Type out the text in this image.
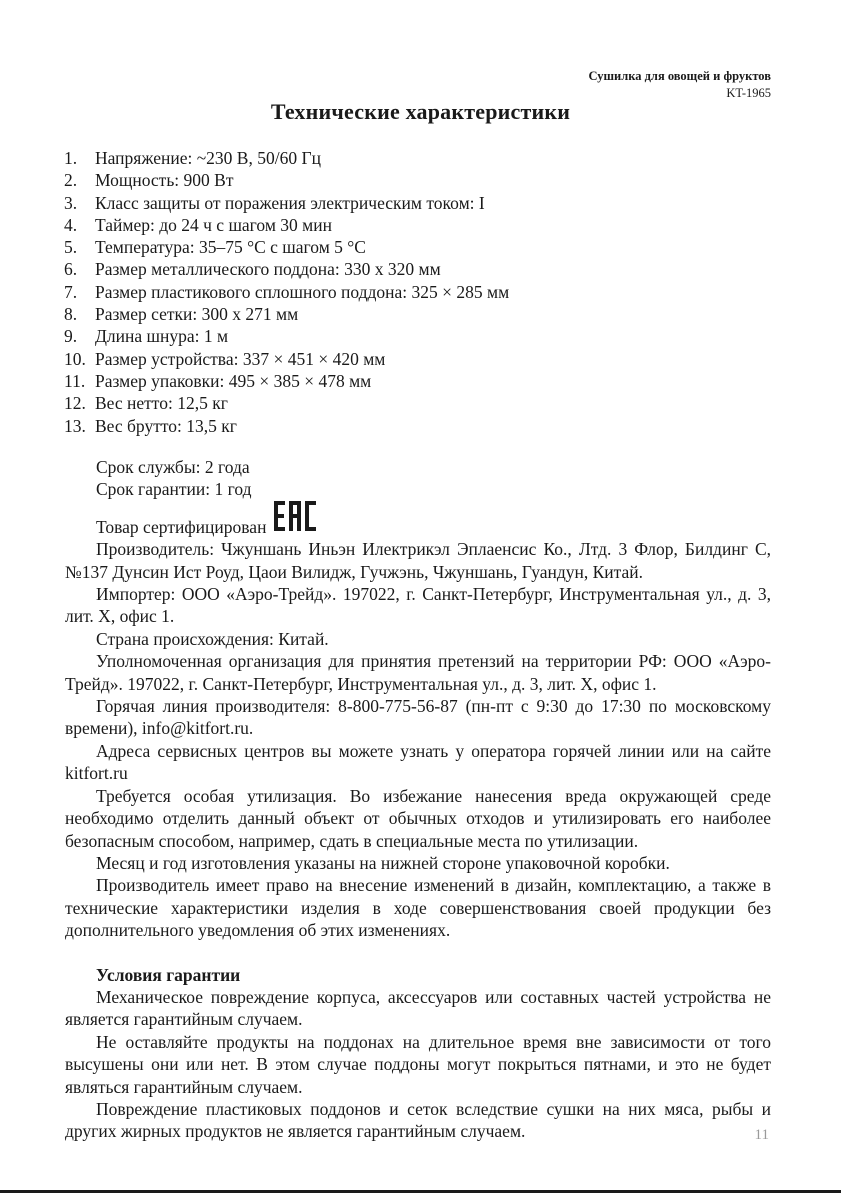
Сушилка для овощей и фруктов
KT-1965
Технические характеристики
1.	Напряжение: ~230 В, 50/60 Гц
2.	Мощность: 900 Вт
3.	Класс защиты от поражения электрическим током: I
4.	Таймер: до 24 ч с шагом 30 мин
5.	Температура: 35–75 °С с шагом 5 °С
6.	Размер металлического поддона: 330 х 320 мм
7.	Размер пластикового сплошного поддона: 325 × 285 мм
8.	Размер сетки: 300 х 271 мм
9.	Длина шнура: 1 м
10. Размер устройства: 337 × 451 × 420 мм
11. Размер упаковки: 495 × 385 × 478 мм
12. Вес нетто: 12,5 кг
13. Вес брутто: 13,5 кг

Срок службы: 2 года

Срок гарантии: 1 год

Товар сертифицирован

Производитель: Чжуншань Иньэн Илектрикэл Эплаенсис Ко., Лтд. 3 Флор, Билдинг С, №137 Дунсин Ист Роуд, Цаои Вилидж, Гучжэнь, Чжуншань, Гуандун, Китай.

Импортер: ООО «Аэро-Трейд». 197022, г. Санкт-Петербург, Инструментальная ул., д. 3, лит. Х, офис 1.

Страна происхождения: Китай.

Уполномоченная организация для принятия претензий на территории РФ: ООО «Аэро-Трейд». 197022, г. Санкт-Петербург, Инструментальная ул., д. 3, лит. Х, офис 1.

Горячая линия производителя: 8-800-775-56-87 (пн-пт с 9:30 до 17:30 по московскому времени), info@kitfort.ru.

Адреса сервисных центров вы можете узнать у оператора горячей линии или на сайте kitfort.ru

Требуется особая утилизация. Во избежание нанесения вреда окружающей среде необходимо отделить данный объект от обычных отходов и утилизировать его наиболее безопасным способом, например, сдать в специальные места по утилизации.

Месяц и год изготовления указаны на нижней стороне упаковочной коробки.

Производитель имеет право на внесение изменений в дизайн, комплектацию, а также в технические характеристики изделия в ходе совершенствования своей продукции без дополнительного уведомления об этих изменениях.

Условия гарантии

Механическое повреждение корпуса, аксессуаров или составных частей устройства не является гарантийным случаем.

Не оставляйте продукты на поддонах на длительное время вне зависимости от того высушены они или нет. В этом случае поддоны могут покрыться пятнами, и это не будет являться гарантийным случаем.

Повреждение пластиковых поддонов и сеток вследствие сушки на них мяса, рыбы и других жирных продуктов не является гарантийным случаем.	11
